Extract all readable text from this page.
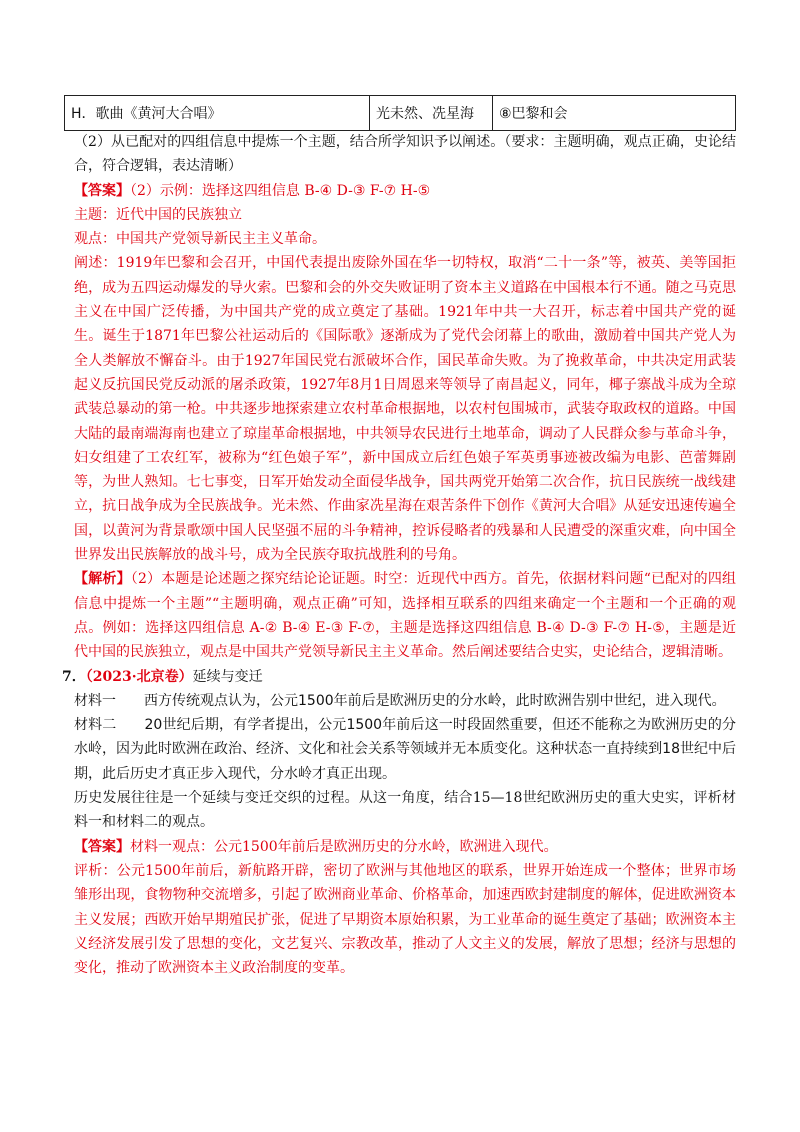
H．歌曲《黄河大合唱》	光未然、冼星海	⑧巴黎和会

（2）从已配对的四组信息中提炼一个主题，结合所学知识予以阐述。（要求：主题明确，观点正确，史论结合，符合逻辑，表达清晰）

【答案】（2）示例：选择这四组信息 B-④ D-③ F-⑦ H-⑤

主题：近代中国的民族独立

观点：中国共产党领导新民主主义革命。

阐述：1919年巴黎和会召开，中国代表提出废除外国在华一切特权，取消“二十一条”等，被英、美等国拒绝，成为五四运动爆发的导火索。巴黎和会的外交失败证明了资本主义道路在中国根本行不通。随之马克思主义在中国广泛传播，为中国共产党的成立奠定了基础。1921年中共一大召开，标志着中国共产党的诞生。诞生于1871年巴黎公社运动后的《国际歌》逐渐成为了党代会闭幕上的歌曲，激励着中国共产党人为全人类解放不懈奋斗。由于1927年国民党右派破坏合作，国民革命失败。为了挽救革命，中共决定用武装起义反抗国民党反动派的屠杀政策，1927年8月1日周恩来等领导了南昌起义，同年，椰子寨战斗成为全琼武装总暴动的第一枪。中共逐步地探索建立农村革命根据地，以农村包围城市，武装夺取政权的道路。中国大陆的最南端海南也建立了琼崖革命根据地，中共领导农民进行土地革命，调动了人民群众参与革命斗争，妇女组建了工农红军，被称为“红色娘子军”，新中国成立后红色娘子军英勇事迹被改编为电影、芭蕾舞剧等，为世人熟知。七七事变，日军开始发动全面侵华战争，国共两党开始第二次合作，抗日民族统一战线建立，抗日战争成为全民族战争。光未然、作曲家冼星海在艰苦条件下创作《黄河大合唱》从延安迅速传遍全国，以黄河为背景歌颂中国人民坚强不屈的斗争精神，控诉侵略者的残暴和人民遭受的深重灾难，向中国全世界发出民族解放的战斗号，成为全民族夺取抗战胜利的号角。

【解析】（2）本题是论述题之探究结论论证题。时空：近现代中西方。首先，依据材料问题“已配对的四组信息中提炼一个主题”“主题明确，观点正确”可知，选择相互联系的四组来确定一个主题和一个正确的观点。例如：选择这四组信息 A-② B-④ E-③ F-⑦，主题是选择这四组信息 B-④ D-③ F-⑦ H-⑤，主题是近代中国的民族独立，观点是中国共产党领导新民主主义革命。然后阐述要结合史实，史论结合，逻辑清晰。

7．（2023·北京卷）延续与变迁

材料一 西方传统观点认为，公元1500年前后是欧洲历史的分水岭，此时欧洲告别中世纪，进入现代。

材料二 20世纪后期，有学者提出，公元1500年前后这一时段固然重要，但还不能称之为欧洲历史的分水岭，因为此时欧洲在政治、经济、文化和社会关系等领域并无本质变化。这种状态一直持续到18世纪中后期，此后历史才真正步入现代，分水岭才真正出现。

历史发展往往是一个延续与变迁交织的过程。从这一角度，结合15—18世纪欧洲历史的重大史实，评析材料一和材料二的观点。

【答案】材料一观点：公元1500年前后是欧洲历史的分水岭，欧洲进入现代。

评析：公元1500年前后，新航路开辟，密切了欧洲与其他地区的联系，世界开始连成一个整体；世界市场雏形出现，食物物种交流增多，引起了欧洲商业革命、价格革命，加速西欧封建制度的解体，促进欧洲资本主义发展；西欧开始早期殖民扩张，促进了早期资本原始积累，为工业革命的诞生奠定了基础；欧洲资本主义经济发展引发了思想的变化，文艺复兴、宗教改革，推动了人文主义的发展，解放了思想；经济与思想的变化，推动了欧洲资本主义政治制度的变革。
